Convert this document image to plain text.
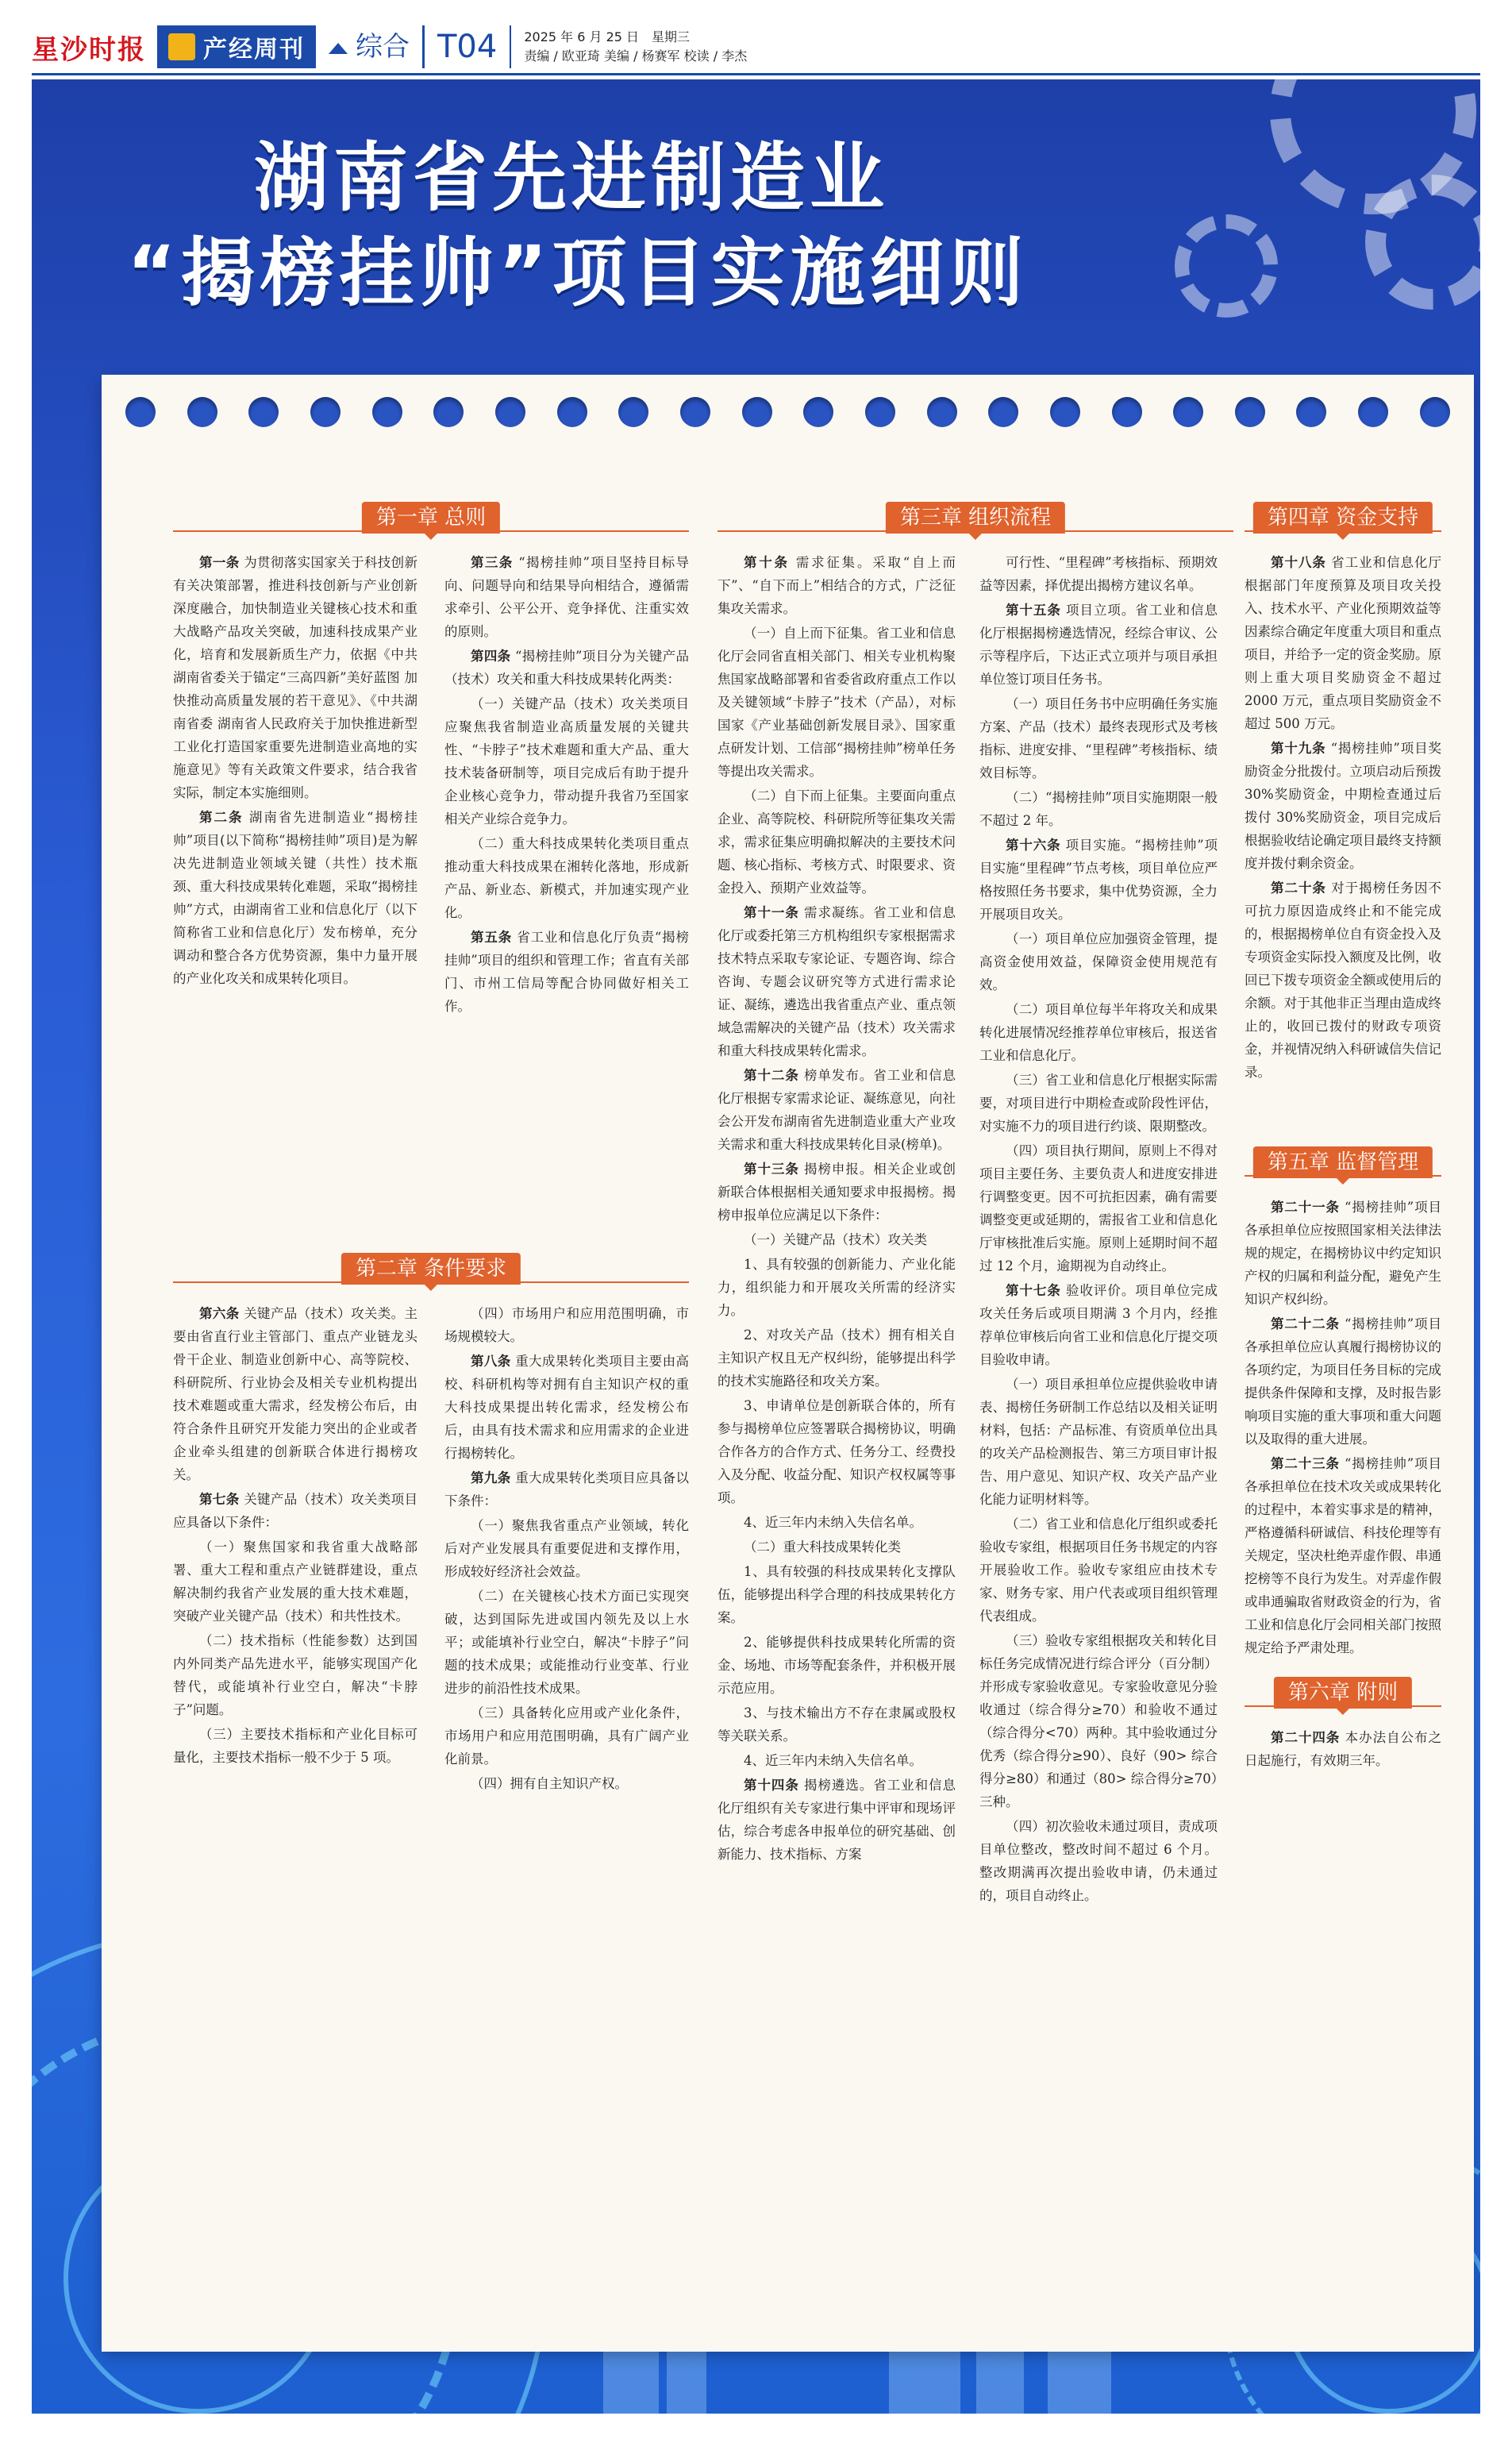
星沙时报	产经周刊	综合 T04	2025 年 6 月 25 日　星期三
责编 / 欧亚琦 美编 / 杨赛军 校读 / 李杰
湖南省先进制造业
“揭榜挂帅”项目实施细则
第一章 总则

第一条 为贯彻落实国家关于科技创新有关决策部署，推进科技创新与产业创新深度融合，加快制造业关键核心技术和重大战略产品攻关突破，加速科技成果产业化，培育和发展新质生产力，依据《中共湖南省委关于锚定“三高四新”美好蓝图 加快推动高质量发展的若干意见》、《中共湖南省委 湖南省人民政府关于加快推进新型工业化打造国家重要先进制造业高地的实施意见》等有关政策文件要求，结合我省实际，制定本实施细则。

第二条 湖南省先进制造业“揭榜挂帅”项目(以下简称“揭榜挂帅”项目)是为解决先进制造业领域关键（共性）技术瓶颈、重大科技成果转化难题，采取“揭榜挂帅”方式，由湖南省工业和信息化厅（以下简称省工业和信息化厅）发布榜单，充分调动和整合各方优势资源，集中力量开展的产业化攻关和成果转化项目。

第三条 “揭榜挂帅”项目坚持目标导向、问题导向和结果导向相结合，遵循需求牵引、公平公开、竞争择优、注重实效的原则。

第四条 “揭榜挂帅”项目分为关键产品（技术）攻关和重大科技成果转化两类：

（一）关键产品（技术）攻关类项目应聚焦我省制造业高质量发展的关键共性、“卡脖子”技术难题和重大产品、重大技术装备研制等，项目完成后有助于提升企业核心竞争力，带动提升我省乃至国家相关产业综合竞争力。

（二）重大科技成果转化类项目重点推动重大科技成果在湘转化落地，形成新产品、新业态、新模式，并加速实现产业化。

第五条 省工业和信息化厅负责“揭榜挂帅”项目的组织和管理工作；省直有关部门、市州工信局等配合协同做好相关工作。

第二章 条件要求

第六条 关键产品（技术）攻关类。主要由省直行业主管部门、重点产业链龙头骨干企业、制造业创新中心、高等院校、科研院所、行业协会及相关专业机构提出技术难题或重大需求，经发榜公布后，由符合条件且研究开发能力突出的企业或者企业牵头组建的创新联合体进行揭榜攻关。

第七条 关键产品（技术）攻关类项目应具备以下条件：

（一）聚焦国家和我省重大战略部署、重大工程和重点产业链群建设，重点解决制约我省产业发展的重大技术难题，突破产业关键产品（技术）和共性技术。

（二）技术指标（性能参数）达到国内外同类产品先进水平，能够实现国产化替代，或能填补行业空白，解决“卡脖子”问题。

（三）主要技术指标和产业化目标可量化，主要技术指标一般不少于 5 项。

（四）市场用户和应用范围明确，市场规模较大。

第八条 重大成果转化类项目主要由高校、科研机构等对拥有自主知识产权的重大科技成果提出转化需求，经发榜公布后，由具有技术需求和应用需求的企业进行揭榜转化。

第九条 重大成果转化类项目应具备以下条件：

（一）聚焦我省重点产业领域，转化后对产业发展具有重要促进和支撑作用，形成较好经济社会效益。

（二）在关键核心技术方面已实现突破，达到国际先进或国内领先及以上水平；或能填补行业空白，解决“卡脖子”问题的技术成果；或能推动行业变革、行业进步的前沿性技术成果。

（三）具备转化应用或产业化条件，市场用户和应用范围明确，具有广阔产业化前景。

（四）拥有自主知识产权。

第三章 组织流程

第十条 需求征集。采取“自上而下”、“自下而上”相结合的方式，广泛征集攻关需求。

（一）自上而下征集。省工业和信息化厅会同省直相关部门、相关专业机构聚焦国家战略部署和省委省政府重点工作以及关键领域“卡脖子”技术（产品），对标国家《产业基础创新发展目录》、国家重点研发计划、工信部“揭榜挂帅”榜单任务等提出攻关需求。

（二）自下而上征集。主要面向重点企业、高等院校、科研院所等征集攻关需求，需求征集应明确拟解决的主要技术问题、核心指标、考核方式、时限要求、资金投入、预期产业效益等。

第十一条 需求凝练。省工业和信息化厅或委托第三方机构组织专家根据需求技术特点采取专家论证、专题咨询、综合咨询、专题会议研究等方式进行需求论证、凝练，遴选出我省重点产业、重点领域急需解决的关键产品（技术）攻关需求和重大科技成果转化需求。

第十二条 榜单发布。省工业和信息化厅根据专家需求论证、凝练意见，向社会公开发布湖南省先进制造业重大产业攻关需求和重大科技成果转化目录(榜单)。

第十三条 揭榜申报。相关企业或创新联合体根据相关通知要求申报揭榜。揭榜申报单位应满足以下条件：

（一）关键产品（技术）攻关类

1、具有较强的创新能力、产业化能力，组织能力和开展攻关所需的经济实力。

2、对攻关产品（技术）拥有相关自主知识产权且无产权纠纷，能够提出科学的技术实施路径和攻关方案。

3、申请单位是创新联合体的，所有参与揭榜单位应签署联合揭榜协议，明确合作各方的合作方式、任务分工、经费投入及分配、收益分配、知识产权权属等事项。

4、近三年内未纳入失信名单。

（二）重大科技成果转化类

1、具有较强的科技成果转化支撑队伍，能够提出科学合理的科技成果转化方案。

2、能够提供科技成果转化所需的资金、场地、市场等配套条件，并积极开展示范应用。

3、与技术输出方不存在隶属或股权等关联关系。

4、近三年内未纳入失信名单。

第十四条 揭榜遴选。省工业和信息化厅组织有关专家进行集中评审和现场评估，综合考虑各申报单位的研究基础、创新能力、技术指标、方案

可行性、“里程碑”考核指标、预期效益等因素，择优提出揭榜方建议名单。

第十五条 项目立项。省工业和信息化厅根据揭榜遴选情况，经综合审议、公示等程序后，下达正式立项并与项目承担单位签订项目任务书。

（一）项目任务书中应明确任务实施方案、产品（技术）最终表现形式及考核指标、进度安排、“里程碑”考核指标、绩效目标等。

（二）“揭榜挂帅”项目实施期限一般不超过 2 年。

第十六条 项目实施。“揭榜挂帅”项目实施“里程碑”节点考核，项目单位应严格按照任务书要求，集中优势资源，全力开展项目攻关。

（一）项目单位应加强资金管理，提高资金使用效益，保障资金使用规范有效。

（二）项目单位每半年将攻关和成果转化进展情况经推荐单位审核后，报送省工业和信息化厅。

（三）省工业和信息化厅根据实际需要，对项目进行中期检查或阶段性评估，对实施不力的项目进行约谈、限期整改。

（四）项目执行期间，原则上不得对项目主要任务、主要负责人和进度安排进行调整变更。因不可抗拒因素，确有需要调整变更或延期的，需报省工业和信息化厅审核批准后实施。原则上延期时间不超过 12 个月，逾期视为自动终止。

第十七条 验收评价。项目单位完成攻关任务后或项目期满 3 个月内，经推荐单位审核后向省工业和信息化厅提交项目验收申请。

（一）项目承担单位应提供验收申请表、揭榜任务研制工作总结以及相关证明材料，包括：产品标准、有资质单位出具的攻关产品检测报告、第三方项目审计报告、用户意见、知识产权、攻关产品产业化能力证明材料等。

（二）省工业和信息化厅组织或委托验收专家组，根据项目任务书规定的内容开展验收工作。验收专家组应由技术专家、财务专家、用户代表或项目组织管理代表组成。

（三）验收专家组根据攻关和转化目标任务完成情况进行综合评分（百分制）并形成专家验收意见。专家验收意见分验收通过（综合得分≥70）和验收不通过（综合得分<70）两种。其中验收通过分优秀（综合得分≥90）、良好（90> 综合得分≥80）和通过（80> 综合得分≥70）三种。

（四）初次验收未通过项目，责成项目单位整改，整改时间不超过 6 个月。整改期满再次提出验收申请，仍未通过的，项目自动终止。

第四章 资金支持

第十八条 省工业和信息化厅根据部门年度预算及项目攻关投入、技术水平、产业化预期效益等因素综合确定年度重大项目和重点项目，并给予一定的资金奖励。原则上重大项目奖励资金不超过 2000 万元，重点项目奖励资金不超过 500 万元。

第十九条 “揭榜挂帅”项目奖励资金分批拨付。立项启动后预拨 30%奖励资金，中期检查通过后拨付 30%奖励资金，项目完成后根据验收结论确定项目最终支持额度并拨付剩余资金。

第二十条 对于揭榜任务因不可抗力原因造成终止和不能完成的，根据揭榜单位自有资金投入及专项资金实际投入额度及比例，收回已下拨专项资金全额或使用后的余额。对于其他非正当理由造成终止的，收回已拨付的财政专项资金，并视情况纳入科研诚信失信记录。

第五章 监督管理

第二十一条 “揭榜挂帅”项目各承担单位应按照国家相关法律法规的规定，在揭榜协议中约定知识产权的归属和利益分配，避免产生知识产权纠纷。

第二十二条 “揭榜挂帅”项目各承担单位应认真履行揭榜协议的各项约定，为项目任务目标的完成提供条件保障和支撑，及时报告影响项目实施的重大事项和重大问题以及取得的重大进展。

第二十三条 “揭榜挂帅”项目各承担单位在技术攻关或成果转化的过程中，本着实事求是的精神，严格遵循科研诚信、科技伦理等有关规定，坚决杜绝弄虚作假、串通挖榜等不良行为发生。对弄虚作假或串通骗取省财政资金的行为，省工业和信息化厅会同相关部门按照规定给予严肃处理。

第六章 附则

第二十四条 本办法自公布之日起施行，有效期三年。
